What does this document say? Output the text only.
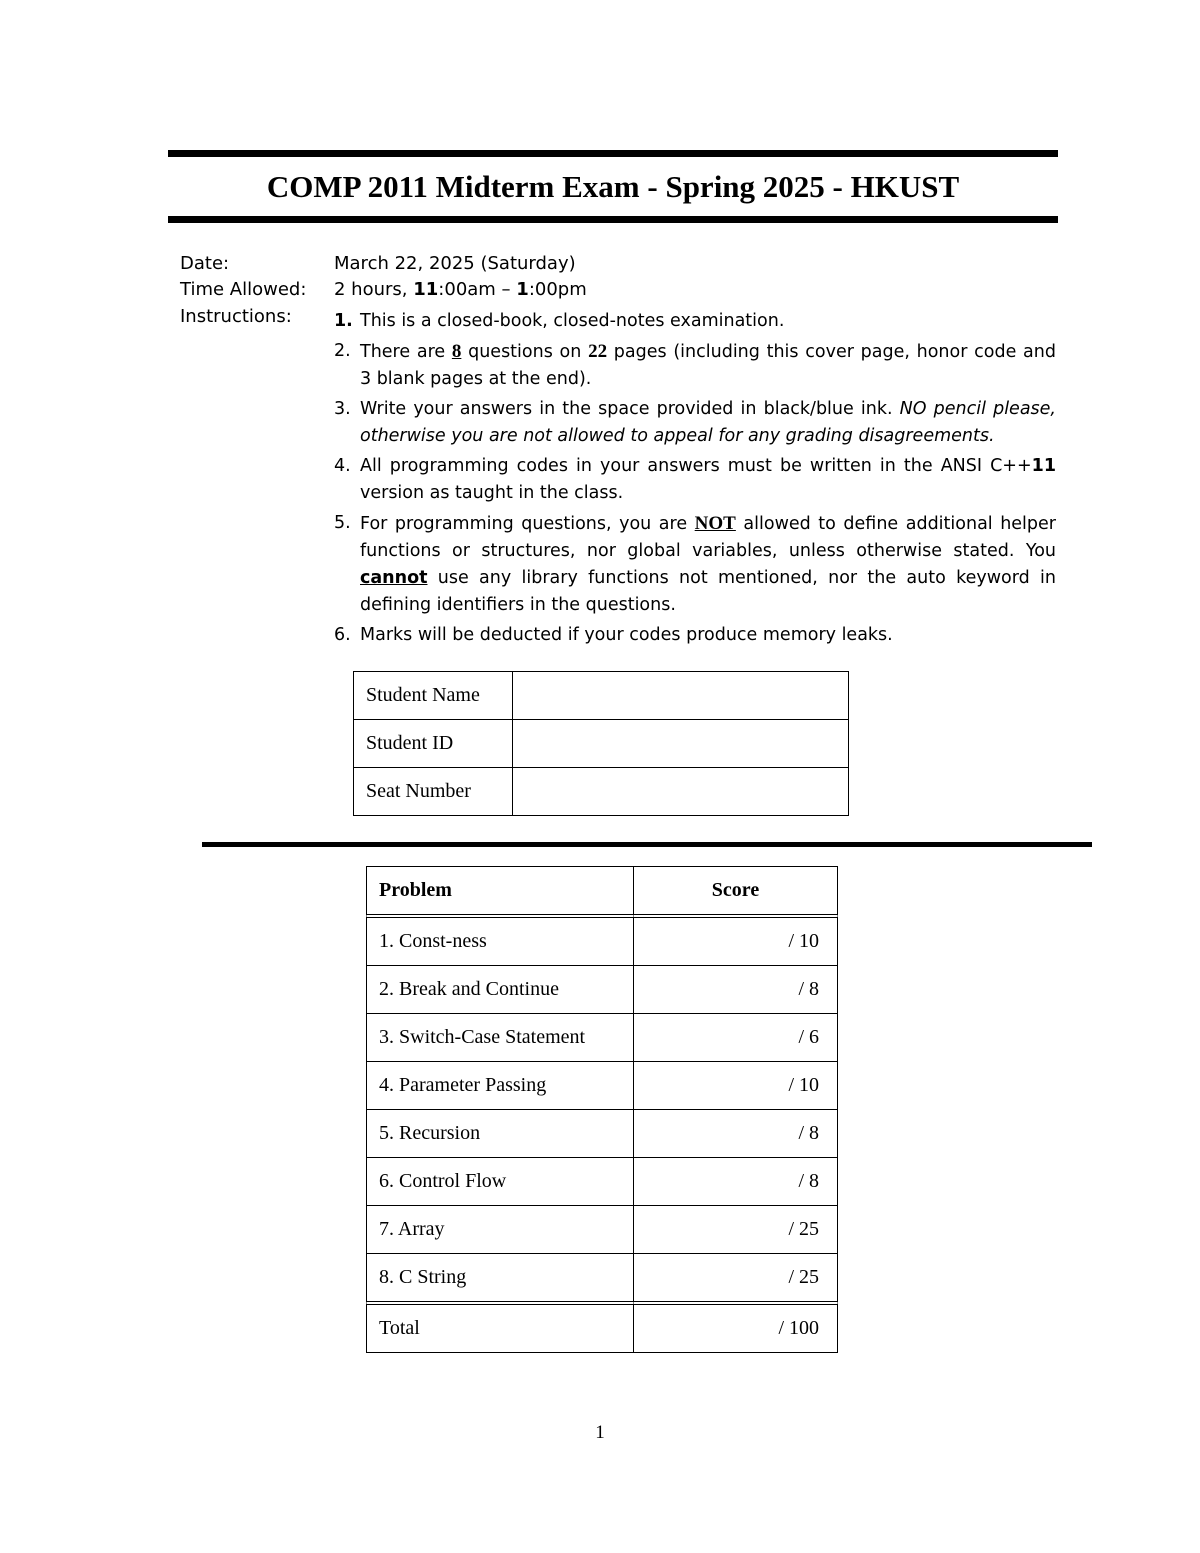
COMP 2011 Midterm Exam - Spring 2025 - HKUST
Date:	March 22, 2025 (Saturday)
Time Allowed: 2 hours, 11:00am – 1:00pm
Instructions: 1. This is a closed-book, closed-notes examination.
2. There are 8 questions on 22 pages (including this cover page, honor code and 3 blank pages at the end).
3. Write your answers in the space provided in black/blue ink. NO pencil please, otherwise you are not allowed to appeal for any grading disagreements.
4. All programming codes in your answers must be written in the ANSI C++11 version as taught in the class.
5. For programming questions, you are NOT allowed to define additional helper functions or structures, nor global variables, unless otherwise stated. You cannot use any library functions not mentioned, nor the auto keyword in defining identifiers in the questions.
6. Marks will be deducted if your codes produce memory leaks.
Student Name	
Student ID	
Seat Number	
Problem	Score
1. Const-ness	/ 10
2. Break and Continue	/ 8
3. Switch-Case Statement	/ 6
4. Parameter Passing	/ 10
5. Recursion	/ 8
6. Control Flow	/ 8
7. Array	/ 25
8. C String	/ 25
Total	/ 100
1
